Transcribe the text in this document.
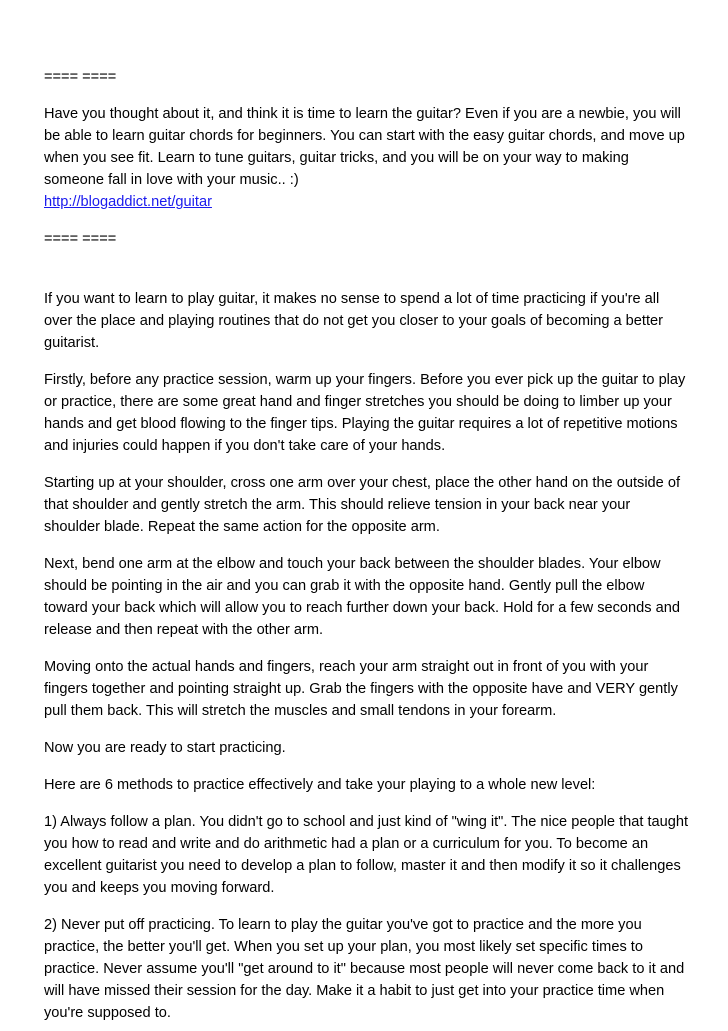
==== ====

Have you thought about it, and think it is time to learn the guitar? Even if you are a newbie, you will be able to learn guitar chords for beginners. You can start with the easy guitar chords, and move up when you see fit. Learn to tune guitars, guitar tricks, and you will be on your way to making someone fall in love with your music.. :)

http://blogaddict.net/guitar

==== ====

If you want to learn to play guitar, it makes no sense to spend a lot of time practicing if you're all over the place and playing routines that do not get you closer to your goals of becoming a better guitarist.

Firstly, before any practice session, warm up your fingers. Before you ever pick up the guitar to play or practice, there are some great hand and finger stretches you should be doing to limber up your hands and get blood flowing to the finger tips. Playing the guitar requires a lot of repetitive motions and injuries could happen if you don't take care of your hands.

Starting up at your shoulder, cross one arm over your chest, place the other hand on the outside of that shoulder and gently stretch the arm. This should relieve tension in your back near your shoulder blade. Repeat the same action for the opposite arm.

Next, bend one arm at the elbow and touch your back between the shoulder blades. Your elbow should be pointing in the air and you can grab it with the opposite hand. Gently pull the elbow toward your back which will allow you to reach further down your back. Hold for a few seconds and release and then repeat with the other arm.

Moving onto the actual hands and fingers, reach your arm straight out in front of you with your fingers together and pointing straight up. Grab the fingers with the opposite have and VERY gently pull them back. This will stretch the muscles and small tendons in your forearm.

Now you are ready to start practicing.

Here are 6 methods to practice effectively and take your playing to a whole new level:

1) Always follow a plan. You didn't go to school and just kind of "wing it". The nice people that taught you how to read and write and do arithmetic had a plan or a curriculum for you. To become an excellent guitarist you need to develop a plan to follow, master it and then modify it so it challenges you and keeps you moving forward.

2) Never put off practicing. To learn to play the guitar you've got to practice and the more you practice, the better you'll get. When you set up your plan, you most likely set specific times to practice. Never assume you'll "get around to it" because most people will never come back to it and will have missed their session for the day. Make it a habit to just get into your practice time when you're supposed to.
